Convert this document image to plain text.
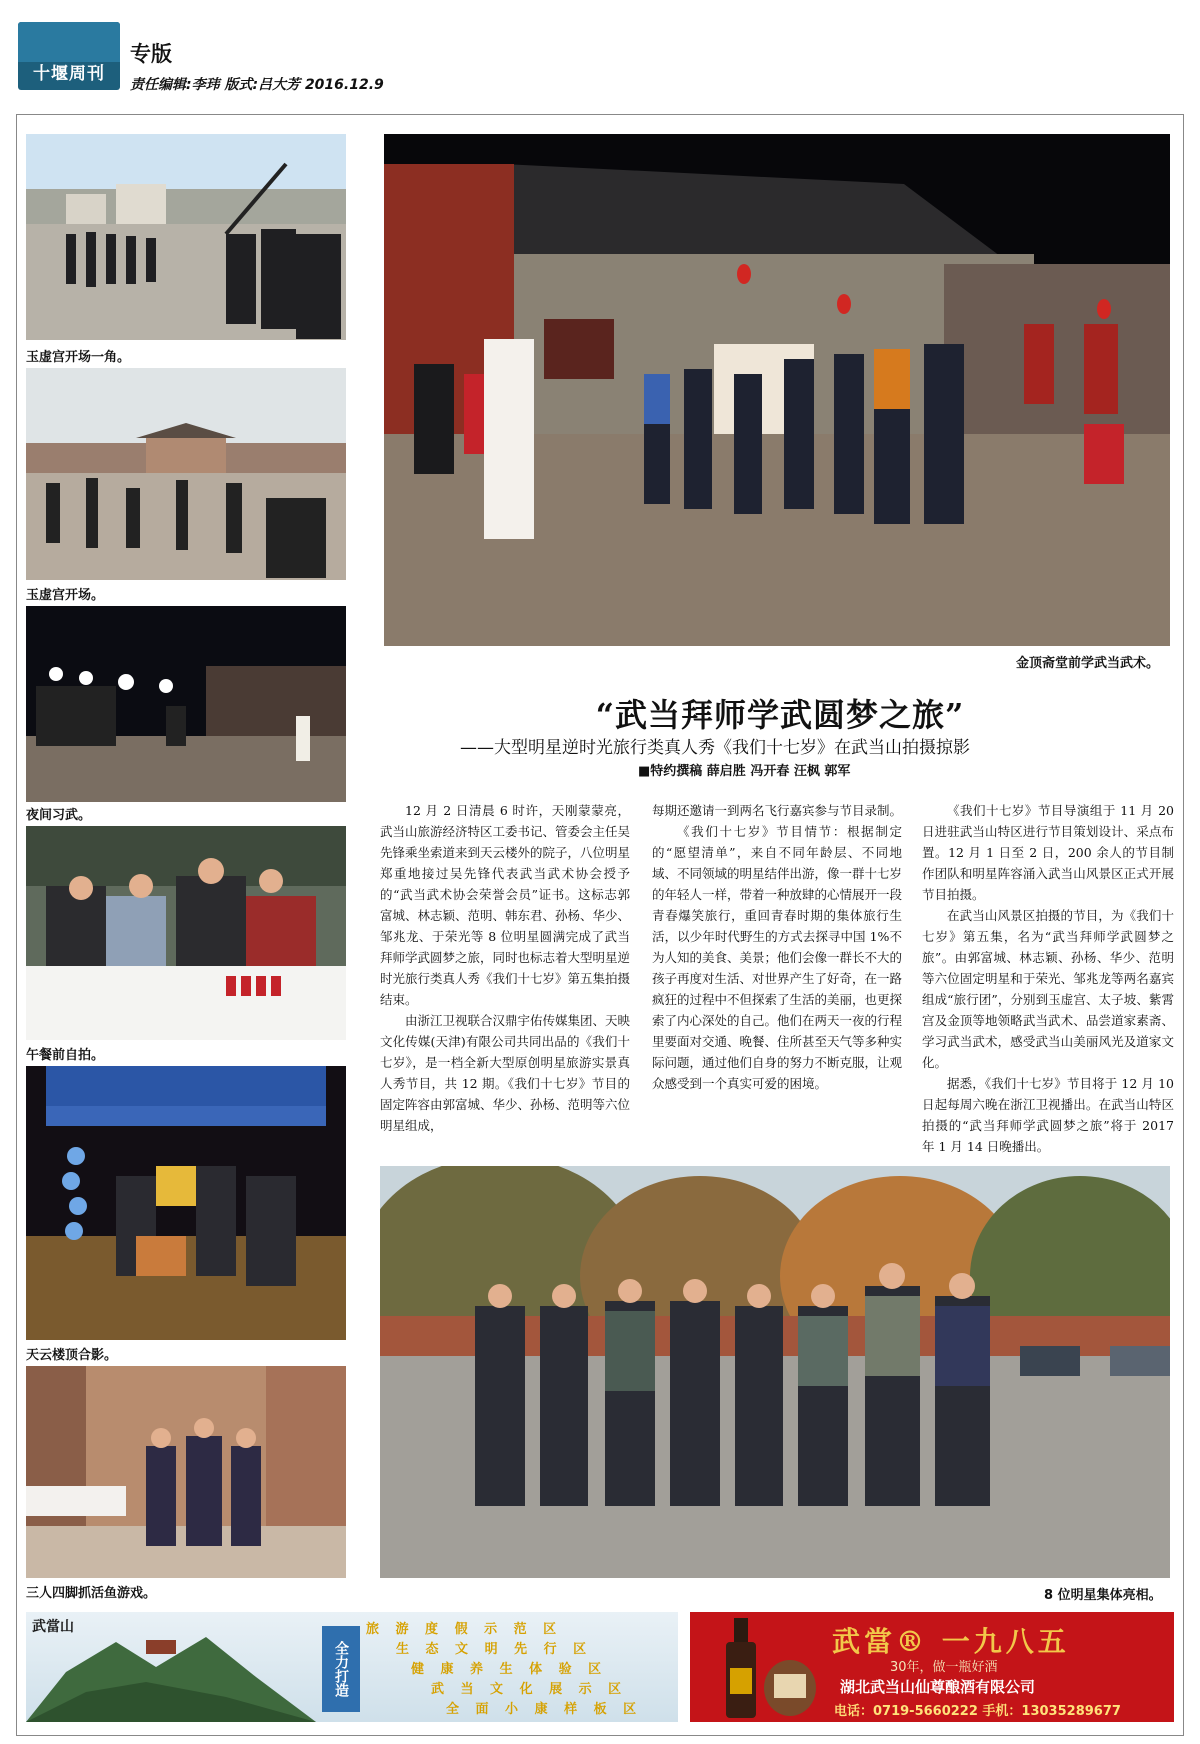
十堰周刊
专版
责任编辑:李玮 版式:吕大芳 2016.12.9
玉虚宫开场一角。
玉虚宫开场。
夜间习武。
午餐前自拍。
天云楼顶合影。
三人四脚抓活鱼游戏。
金顶斋堂前学武当武术。
“武当拜师学武圆梦之旅”
——大型明星逆时光旅行类真人秀《我们十七岁》在武当山拍摄掠影
■特约撰稿 薛启胜 冯开春 汪枫 郭军

12 月 2 日清晨 6 时许，天刚蒙蒙亮，武当山旅游经济特区工委书记、管委会主任吴先锋乘坐索道来到天云楼外的院子，八位明星郑重地接过吴先锋代表武当武术协会授予的“武当武术协会荣誉会员”证书。这标志郭富城、林志颖、范明、韩东君、孙杨、华少、邹兆龙、于荣光等 8 位明星圆满完成了武当拜师学武圆梦之旅，同时也标志着大型明星逆时光旅行类真人秀《我们十七岁》第五集拍摄结束。

由浙江卫视联合汉鼎宇佑传媒集团、天映文化传媒(天津)有限公司共同出品的《我们十七岁》，是一档全新大型原创明星旅游实景真人秀节目，共 12 期。《我们十七岁》节目的固定阵容由郭富城、华少、孙杨、范明等六位明星组成，

每期还邀请一到两名飞行嘉宾参与节目录制。

《我们十七岁》节目情节：根据制定的“愿望清单”，来自不同年龄层、不同地域、不同领域的明星结伴出游，像一群十七岁的年轻人一样，带着一种放肆的心情展开一段青春爆笑旅行，重回青春时期的集体旅行生活，以少年时代野生的方式去探寻中国 1%不为人知的美食、美景；他们会像一群长不大的孩子再度对生活、对世界产生了好奇，在一路疯狂的过程中不但探索了生活的美丽，也更探索了内心深处的自己。他们在两天一夜的行程里要面对交通、晚餐、住所甚至天气等多种实际问题，通过他们自身的努力不断克服，让观众感受到一个真实可爱的困境。

《我们十七岁》节目导演组于 11 月 20 日进驻武当山特区进行节目策划设计、采点布置。12 月 1 日至 2 日，200 余人的节目制作团队和明星阵容涌入武当山风景区正式开展节目拍摄。

在武当山风景区拍摄的节目，为《我们十七岁》第五集，名为“武当拜师学武圆梦之旅”。由郭富城、林志颖、孙杨、华少、范明等六位固定明星和于荣光、邹兆龙等两名嘉宾组成“旅行团”，分别到玉虚宫、太子坡、紫霄宫及金顶等地领略武当武术、品尝道家素斋、学习武当武术，感受武当山美丽风光及道家文化。

据悉，《我们十七岁》节目将于 12 月 10 日起每周六晚在浙江卫视播出。在武当山特区拍摄的“武当拜师学武圆梦之旅”将于 2017 年 1 月 14 日晚播出。

8 位明星集体亮相。
武當山
全力打造
旅 游 度 假 示 范 区
生 态 文 明 先 行 区
健 康 养 生 体 验 区
武 当 文 化 展 示 区
全 面 小 康 样 板 区
武當® 一九八五
30年，做一瓶好酒
湖北武当山仙尊酿酒有限公司
电话：0719-5660222 手机：13035289677
